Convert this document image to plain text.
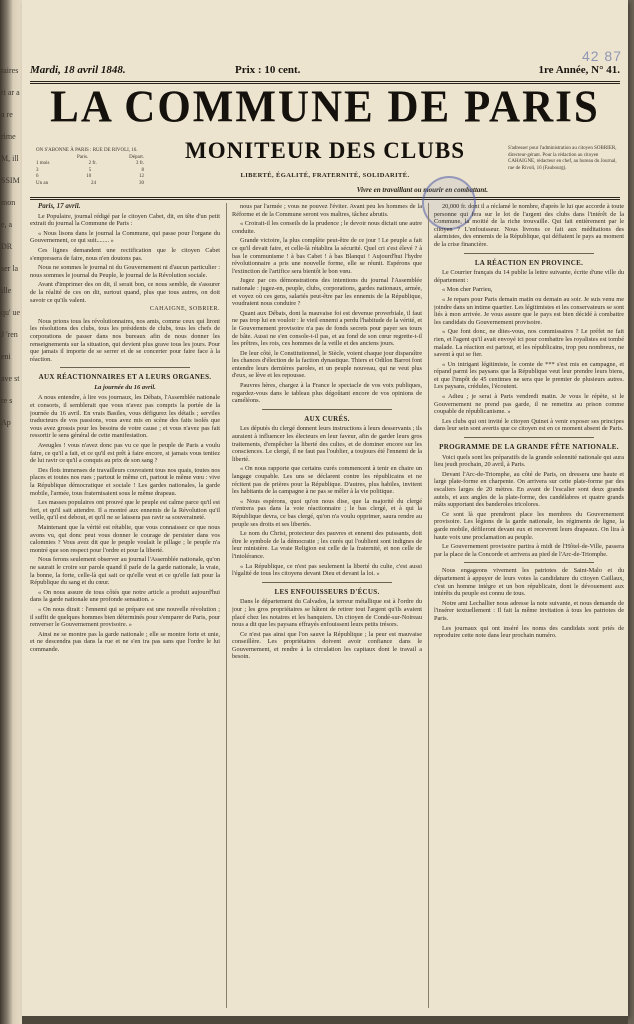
taires ri ar a a re rime M, ill SSIM mon e, a DR ser la ille qu' ue J 'ren eni ave st re s Ap
42 87
Mardi, 18 avril 1848.	Prix : 10 cent.	1re Année, N° 41.
LA COMMUNE DE PARIS
MONITEUR DES CLUBS
LIBERTÉ, ÉGALITÉ, FRATERNITÉ, SOLIDARITÉ.
Vivre en travaillant ou mourir en combattant.
ON S'ABONNE À PARIS : RUE DE RIVOLI, 16.
Paris.	Départ.
1 mois	2 fr.	3 fr.
3	5	8
6	10	12
Un an	24	30
S'adresser pour l'administration au citoyen SOBRIER, directeur-gérant. Pour la rédaction au citoyen CAHAIGNE, rédacteur en chef, au bureau du Journal, rue de Rivoli, 16 (Faubourg).

Paris, 17 avril.

Le Populaire, journal rédigé par le citoyen Cabet, dit, en tête d'un petit extrait du journal la Commune de Paris :

« Nous lisons dans le journal la Commune, qui passe pour l'organe du Gouvernement, ce qui suit........ »

Ces lignes demandent une rectification que le citoyen Cabet s'empressera de faire, nous n'en doutons pas.

Nous ne sommes le journal ni du Gouvernement ni d'aucun particulier : nous sommes le journal du Peuple, le journal de la Révolution sociale.

Avant d'imprimer des on dit, il serait bon, ce nous semble, de s'assurer de la réalité de ces on dit, surtout quand, plus que tous autres, on doit savoir ce qu'ils valent.

CAHAIGNE, SOBRIER.

Nous prions tous les révolutionnaires, nos amis, comme ceux qui liront les résolutions des clubs, tous les présidents de clubs, tous les chefs de corporations de passer dans nos bureaux afin de nous donner les renseignements sur la situation, qui devient plus grave tous les jours. Pour que jamais il importe de se serrer et de se concerter pour faire face à la réaction.

AUX RÉACTIONNAIRES ET A LEURS ORGANES.

La journée du 16 avril.

A nous entendre, à lire vos journaux, les Débats, l'Assemblée nationale et consorts, il semblerait que vous n'avez pas compris la portée de la journée du 16 avril. En vrais Basiles, vous défigurez les détails ; serviles traducteurs de vos passions, vous avez mis en scène des faits isolés que vous avez grossis pour les besoins de votre cause ; et vous n'avez pas fait ressortir le sens général de cette manifestation.

Aveugles ! vous n'avez donc pas vu ce que le peuple de Paris a voulu faire, ce qu'il a fait, et ce qu'il est prêt à faire encore, si jamais vous tentiez de lui ravir ce qu'il a conquis au prix de son sang ?

Des flots immenses de travailleurs couvraient tous nos quais, toutes nos places et toutes nos rues ; partout le même cri, partout le même vœu : vive la République démocratique et sociale ! Les gardes nationales, la garde mobile, l'armée, tous fraternisaient sous le même drapeau.

Les masses populaires ont prouvé que le peuple est calme parce qu'il est fort, et qu'il sait attendre. Il a montré aux ennemis de la Révolution qu'il veille, qu'il est debout, et qu'il ne se laissera pas ravir sa souveraineté.

Maintenant que la vérité est rétablie, que vous connaissez ce que nous avons vu, qui donc peut vous donner le courage de persister dans vos calomnies ? Vous avez dit que le peuple voulait le pillage ; le peuple n'a montré que son respect pour l'ordre et pour la liberté.

Nous ferons seulement observer au journal l'Assemblée nationale, qu'on ne saurait le croire sur parole quand il parle de la garde nationale, la vraie, la bonne, la forte, celle-là qui sait ce qu'elle veut et ce qu'elle fait pour la République du sang et du cœur.

« On nous assure de tous côtés que notre article a produit aujourd'hui dans la garde nationale une profonde sensation. »

« On nous dirait : l'ennemi qui se prépare est une nouvelle révolution ; il suffit de quelques hommes bien déterminés pour s'emparer de Paris, pour renverser le Gouvernement provisoire. »

Ainsi ne se montre pas la garde nationale ; elle se montre forte et unie, et ne descendra pas dans la rue et ne s'en ira pas sans que l'ordre le lui commande.

nous par l'armée ; vous ne pouvez l'éviter. Avant peu les hommes de la Réforme et de la Commune seront vos maîtres, tâchez abrutis.

« Croirait-il les conseils de la prudence ; le devoir nous dictait une autre conduite.

Grande victoire, la plus complète peut-être de ce jour ! Le peuple a fait ce qu'il devait faire, et celle-là rétablira la sécurité. Quel cri s'est élevé ? à bas le communisme ! à bas Cabet ! à bas Blanqui ! Aujourd'hui l'hydre révolutionnaire a pris une nouvelle forme, elle se réunit. Espérons que l'extinction de l'artifice sera bientôt le bon vœu.

Jugez par ces démonstrations des intentions du journal l'Assemblée nationale : jugez-en, peuple, clubs, corporations, gardes nationaux, armée, et voyez où ces gens, salariés peut-être par les ennemis de la République, voudraient nous conduire ?

Quant aux Débats, dont la mauvaise foi est devenue proverbiale, il faut ne pas trop lui en vouloir : le vieil ennemi a perdu l'habitude de la vérité, et le Gouvernement provisoire n'a pas de fonds secrets pour payer ses tours de bâte. Aussi ne s'en console-t-il pas, et au fond de son cœur regrette-t-il les prêtres, les rois, ces hommes de la veille et des anciens jours.

De leur côté, le Constitutionnel, le Siècle, voient chaque jour disparaître les chances d'élection de la faction dynastique. Thiers et Odilon Barrot font entendre leurs dernières paroles, et un peuple nouveau, qui ne veut plus d'eux, se lève et les repousse.

Pauvres hères, chargez à la France le spectacle de vos voix publiques, regardez-vous dans le tableau plus dégoûtant encore de vos opinions de caméléons.

AUX CURÉS.

Les députés du clergé donnent leurs instructions à leurs desservants ; ils auraient à influencer les électeurs en leur faveur, afin de garder leurs gros traitements, d'empêcher la liberté des cultes, et de dominer encore sur les consciences. Le clergé, il ne faut pas l'oublier, a toujours été l'ennemi de la liberté.

« On nous rapporte que certains curés commencent à tenir en chaire un langage coupable. Les uns se déclarent contre les républicains et ne récitent pas de prières pour la République. D'autres, plus habiles, invitent les habitants de la campagne à ne pas se mêler à la vie politique.

« Nous espérons, quoi qu'on nous dise, que la majorité du clergé n'entrera pas dans la voie réactionnaire ; le bas clergé, et à qui la République devra, ce bas clergé, qu'on n'a voulu opprimer, saura rendre au peuple ses droits et ses libertés.

Le nom du Christ, protecteur des pauvres et ennemi des puissants, doit être le symbole de la démocratie ; les curés qui l'oublient sont indignes de leur ministère. La vraie Religion est celle de la fraternité, et non celle de l'intolérance.

« La République, ce n'est pas seulement la liberté du culte, c'est aussi l'égalité de tous les citoyens devant Dieu et devant la loi. »

LES ENFOUISSEURS D'ÉCUS.

Dans le département du Calvados, la terreur métallique est à l'ordre du jour ; les gros propriétaires se hâtent de retirer tout l'argent qu'ils avaient placé chez les notaires et les banquiers. Un citoyen de Condé-sur-Noireau nous a dit que les paysans effrayés enfouissent leurs petits trésors.

Ce n'est pas ainsi que l'on sauve la République ; la peur est mauvaise conseillère. Les propriétaires doivent avoir confiance dans le Gouvernement, et rendre à la circulation les capitaux dont le travail a besoin.

20,000 fr. dont il a réclamé le nombre, d'après le lui que accorde à toute personne qui fera sur le lot de l'argent des clubs dans l'intérêt de la Commune, la moitié de la riche trouvaille. Qui fait entièrement par le citoyen ? L'enfouisseur. Nous livrons ce fait aux méditations des alarmistes, des ennemis de la République, qui défiaient le pays au moment de la crise financière.

LA RÉACTION EN PROVINCE.

Le Courrier français du 14 publie la lettre suivante, écrite d'une ville du département :

« Mon cher Parrieu,

« Je repars pour Paris demain matin ou demain au soir. Je suis venu me joindre dans un intime quartier. Les légitimistes et les conservateurs se sont liés à mon arrivée. Je vous assure que le pays est bien décidé à combattre les candidats du Gouvernement provisoire.

« Que font donc, ne dites-vous, nos commissaires ? Le préfet ne fait rien, et l'agent qu'il avait envoyé ici pour combattre les royalistes est tombé malade. La réaction est partout, et les républicains, trop peu nombreux, ne savent à qui se fier.

« Un intrigant légitimiste, le comte de *** s'est mis en campagne, et répand parmi les paysans que la République veut leur prendre leurs biens, et que l'impôt de 45 centimes ne sera que le premier de plusieurs autres. Les paysans, crédules, l'écoutent.

« Adieu ; je serai à Paris vendredi matin. Je vous le répète, si le Gouvernement ne prend pas garde, il ne remettra au prison comme coupable de républicanisme. »

Les clubs qui ont invité le citoyen Quinet à venir exposer ses principes dans leur sein sont avertis que ce citoyen est en ce moment absent de Paris.

PROGRAMME DE LA GRANDE FÊTE NATIONALE.

Voici quels sont les préparatifs de la grande solennité nationale qui aura lieu jeudi prochain, 20 avril, à Paris.

Devant l'Arc-de-Triomphe, au côté de Paris, on dressera une haute et large plate-forme en charpente. On arrivera sur cette plate-forme par des escaliers larges de 20 mètres. En avant de l'escalier sont deux grands autels, et aux angles de la plate-forme, des candélabres et quatre grands mâts supportant des banderoles tricolores.

Ce sont là que prendront place les membres du Gouvernement provisoire. Les légions de la garde nationale, les régiments de ligne, la garde mobile, défileront devant eux et recevront leurs drapeaux. On lira à haute voix une proclamation au peuple.

Le Gouvernement provisoire partira à midi de l'Hôtel-de-Ville, passera par la place de la Concorde et arrivera au pied de l'Arc-de-Triomphe.

Nous engageons vivement les patriotes de Saint-Malo et du département à appuyer de leurs votes la candidature du citoyen Caillaux, c'est un homme intègre et un bon républicain, dont le dévouement aux intérêts du peuple est connu de tous.

Notre ami Lechallier nous adresse la note suivante, et nous demande de l'insérer textuellement : Il fait la même invitation à tous les patriotes de Paris.

Les journaux qui ont inséré les noms des candidats sont priés de reproduire cette note dans leur prochain numéro.
